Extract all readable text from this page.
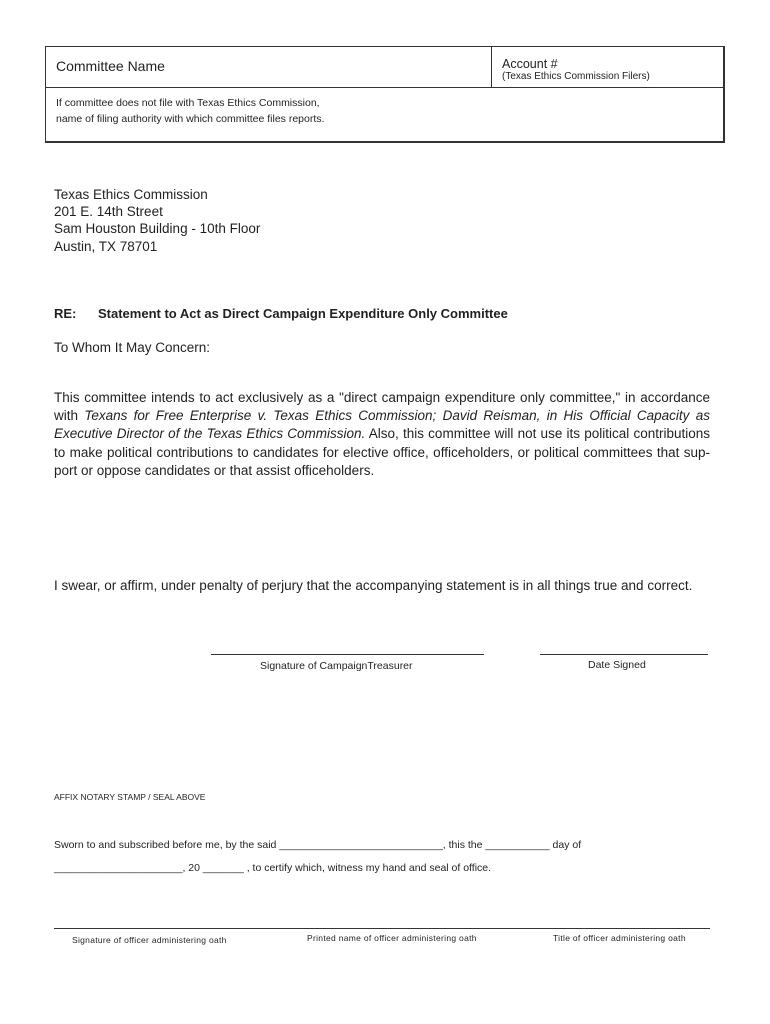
Committee Name	Account #
(Texas Ethics Commission Filers)
If committee does not file with Texas Ethics Commission,
name of filing authority with which committee files reports.
Texas Ethics Commission
201 E. 14th Street
Sam Houston Building - 10th Floor
Austin, TX 78701
RE: Statement to Act as Direct Campaign Expenditure Only Committee
To Whom It May Concern:
This committee intends to act exclusively as a "direct campaign expenditure only committee," in accordance
with Texans for Free Enterprise v. Texas Ethics Commission; David Reisman, in His Official Capacity as
Executive Director of the Texas Ethics Commission. Also, this committee will not use its political contributions
to make political contributions to candidates for elective office, officeholders, or political committees that sup-
port or oppose candidates or that assist officeholders.
I swear, or affirm, under penalty of perjury that the accompanying statement is in all things true and correct.
Signature of CampaignTreasurer	Date Signed
AFFIX NOTARY STAMP / SEAL ABOVE
Sworn to and subscribed before me, by the said ____________________________, this the ___________ day of
______________________, 20 _______ , to certify which, witness my hand and seal of office.
Signature of officer administering oath	Printed name of officer administering oath	Title of officer administering oath
